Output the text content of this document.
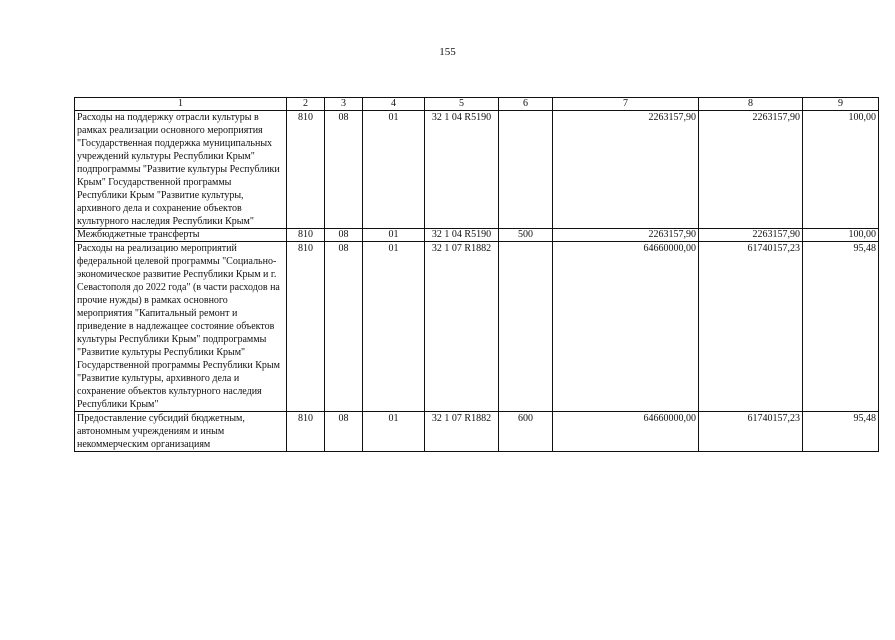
155
1	2	3	4	5	6	7	8	9
Расходы на поддержку отрасли культуры в рамках реализации основного мероприятия "Государственная поддержка муниципальных учреждений культуры Республики Крым" подпрограммы "Развитие культуры Республики Крым" Государственной программы Республики Крым "Развитие культуры, архивного дела и сохранение объектов культурного наследия Республики Крым"	810	08	01	32 1 04 R5190		2263157,90	2263157,90	100,00
Межбюджетные трансферты	810	08	01	32 1 04 R5190	500	2263157,90	2263157,90	100,00
Расходы на реализацию мероприятий федеральной целевой программы "Социально-экономическое развитие Республики Крым и г. Севастополя до 2022 года" (в части расходов на прочие нужды) в рамках основного мероприятия "Капитальный ремонт и приведение в надлежащее состояние объектов культуры Республики Крым" подпрограммы "Развитие культуры Республики Крым" Государственной программы Республики Крым "Развитие культуры, архивного дела и сохранение объектов культурного наследия Республики Крым"	810	08	01	32 1 07 R1882		64660000,00	61740157,23	95,48
Предоставление субсидий бюджетным, автономным учреждениям и иным некоммерческим организациям	810	08	01	32 1 07 R1882	600	64660000,00	61740157,23	95,48
